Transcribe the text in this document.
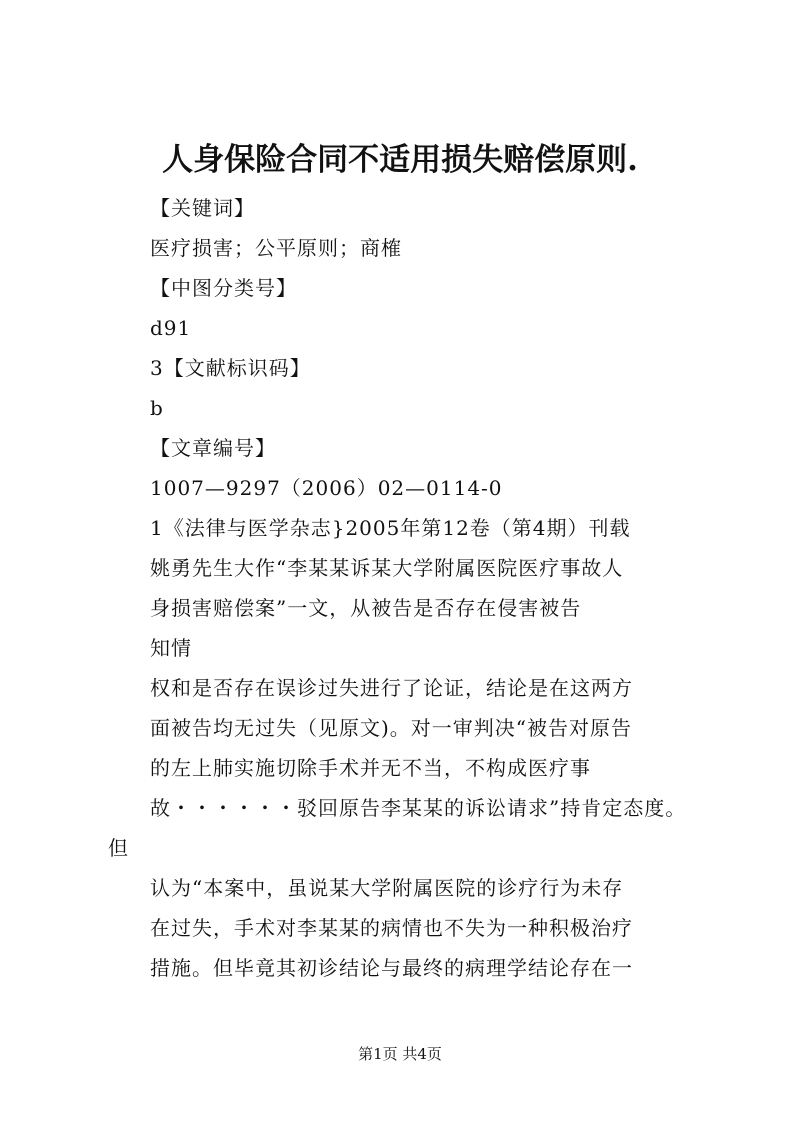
人身保险合同不适用损失赔偿原则.
【关键词】
医疗损害；公平原则；商榷
【中图分类号】
d91
3【文献标识码】
b
【文章编号】
1007—9297（2006）02—0114-0
1《法律与医学杂志}2005年第12卷（第4期）刊载
姚勇先生大作“李某某诉某大学附属医院医疗事故人
身损害赔偿案”一文，从被告是否存在侵害被告
知情
权和是否存在误诊过失进行了论证，结论是在这两方
面被告均无过失（见原文)。对一审判决“被告对原告
的左上肺实施切除手术并无不当，不构成医疗事
故・・・・・・驳回原告李某某的诉讼请求”持肯定态度。
但
认为“本案中，虽说某大学附属医院的诊疗行为未存
在过失，手术对李某某的病情也不失为一种积极治疗
措施。但毕竟其初诊结论与最终的病理学结论存在一
第1页 共4页
